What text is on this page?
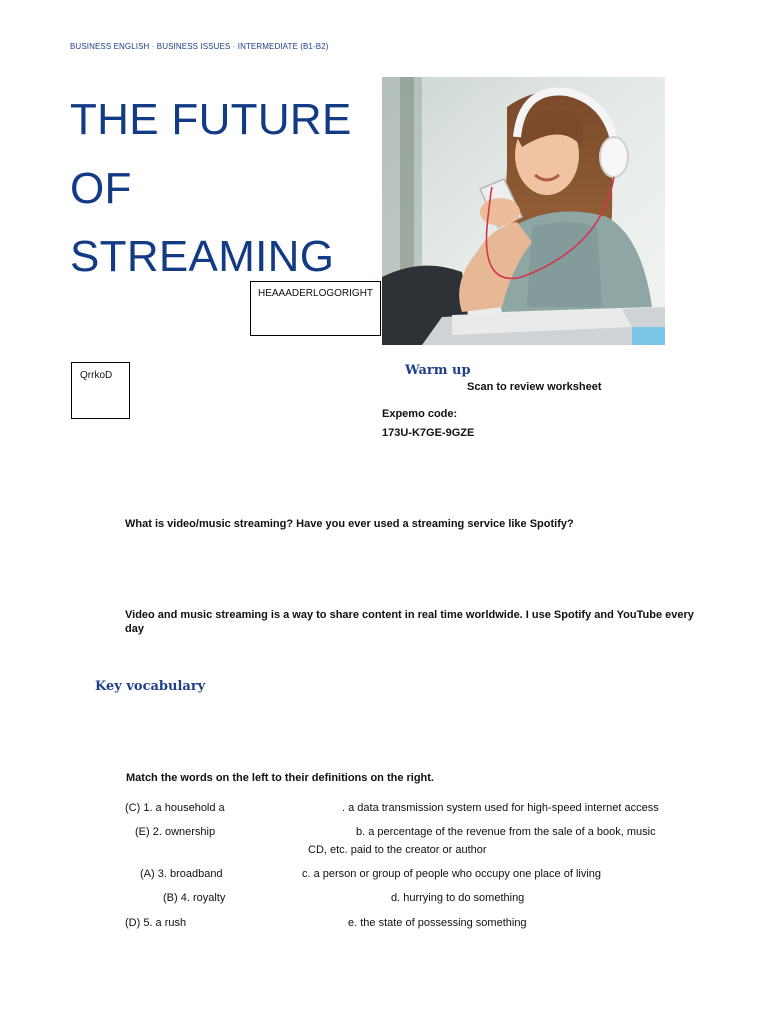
BUSINESS ENGLISH · BUSINESS ISSUES · INTERMEDIATE (B1-B2)
THE FUTURE
OF
STREAMING
HEAAADERLOGORIGHT
QrrkoD	Warm up
Scan to review worksheet
Expemo code:
173U-K7GE-9GZE
What is video/music streaming? Have you ever used a streaming service like Spotify?
Video and music streaming is a way to share content in real time worldwide. I use Spotify and YouTube every day
Key vocabulary
Match the words on the left to their definitions on the right.
(C) 1. a household a	. a data transmission system used for high-speed internet access
(E) 2. ownership	b. a percentage of the revenue from the sale of a book, music
CD, etc. paid to the creator or author
(A) 3. broadband	c. a person or group of people who occupy one place of living
(B) 4. royalty	d. hurrying to do something
(D) 5. a rush	e. the state of possessing something
